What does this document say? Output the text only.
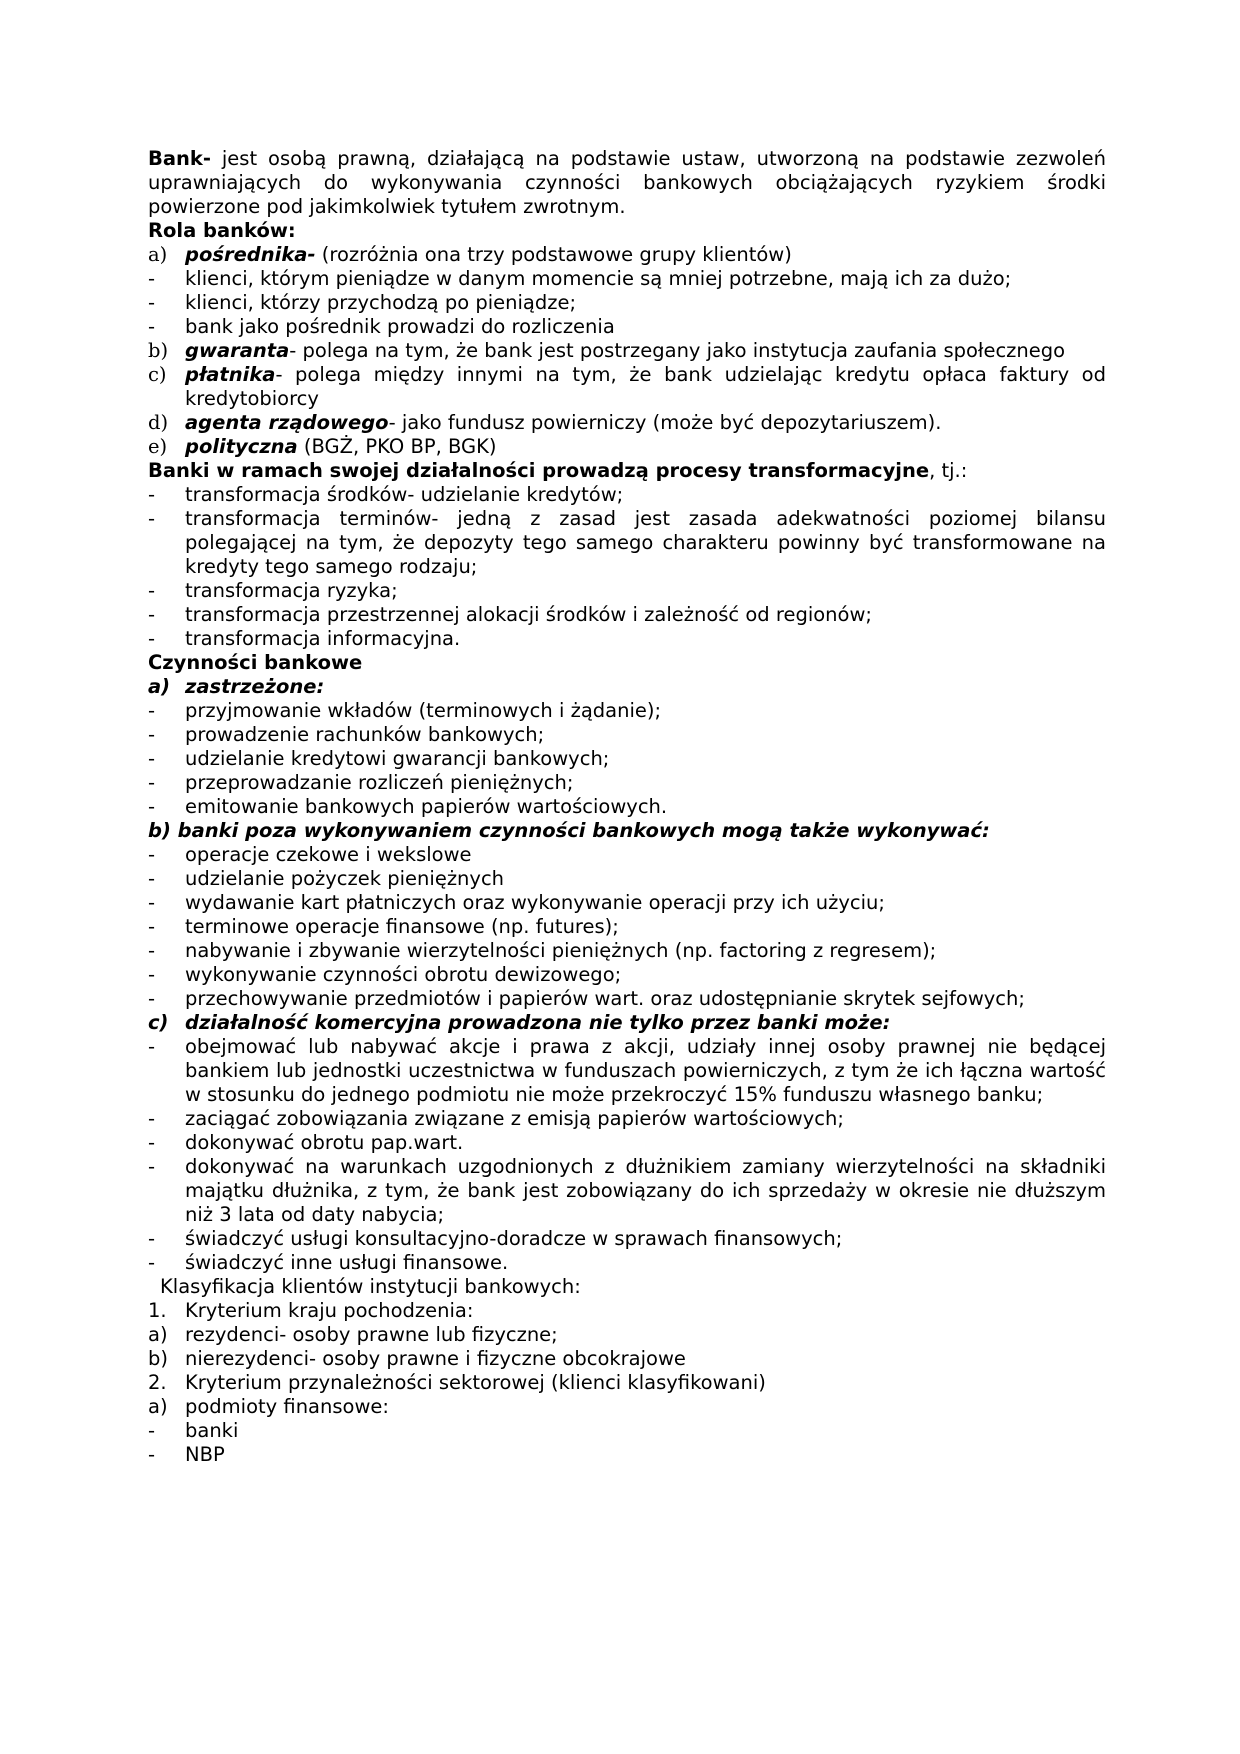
Bank- jest osobą prawną, działającą na podstawie ustaw, utworzoną na podstawie zezwoleń uprawniających do wykonywania czynności bankowych obciążających ryzykiem środki powierzone pod jakimkolwiek tytułem zwrotnym.

Rola banków:

a) pośrednika- (rozróżnia ona trzy podstawowe grupy klientów)
-	klienci, którym pieniądze w danym momencie są mniej potrzebne, mają ich za dużo;
-	klienci, którzy przychodzą po pieniądze;
-	bank jako pośrednik prowadzi do rozliczenia
b) gwaranta- polega na tym, że bank jest postrzegany jako instytucja zaufania społecznego
c) płatnika- polega między innymi na tym, że bank udzielając kredytu opłaca faktury od kredytobiorcy
d) agenta rządowego- jako fundusz powierniczy (może być depozytariuszem).
e) polityczna (BGŻ, PKO BP, BGK)

Banki w ramach swojej działalności prowadzą procesy transformacyjne, tj.:

-	transformacja środków- udzielanie kredytów;
-	transformacja terminów- jedną z zasad jest zasada adekwatności poziomej bilansu polegającej na tym, że depozyty tego samego charakteru powinny być transformowane na kredyty tego samego rodzaju;
-	transformacja ryzyka;
-	transformacja przestrzennej alokacji środków i zależność od regionów;
-	transformacja informacyjna.

Czynności bankowe

a) zastrzeżone:
-	przyjmowanie wkładów (terminowych i żądanie);
-	prowadzenie rachunków bankowych;
-	udzielanie kredytowi gwarancji bankowych;
-	przeprowadzanie rozliczeń pieniężnych;
-	emitowanie bankowych papierów wartościowych.

b) banki poza wykonywaniem czynności bankowych mogą także wykonywać:

-	operacje czekowe i wekslowe
-	udzielanie pożyczek pieniężnych
-	wydawanie kart płatniczych oraz wykonywanie operacji przy ich użyciu;
-	terminowe operacje finansowe (np. futures);
-	nabywanie i zbywanie wierzytelności pieniężnych (np. factoring z regresem);
-	wykonywanie czynności obrotu dewizowego;
-	przechowywanie przedmiotów i papierów wart. oraz udostępnianie skrytek sejfowych;
c) działalność komercyjna prowadzona nie tylko przez banki może:
-	obejmować lub nabywać akcje i prawa z akcji, udziały innej osoby prawnej nie będącej bankiem lub jednostki uczestnictwa w funduszach powierniczych, z tym że ich łączna wartość w stosunku do jednego podmiotu nie może przekroczyć 15% funduszu własnego banku;
-	zaciągać zobowiązania związane z emisją papierów wartościowych;
-	dokonywać obrotu pap.wart.
-	dokonywać na warunkach uzgodnionych z dłużnikiem zamiany wierzytelności na składniki majątku dłużnika, z tym, że bank jest zobowiązany do ich sprzedaży w okresie nie dłuższym niż 3 lata od daty nabycia;
-	świadczyć usługi konsultacyjno-doradcze w sprawach finansowych;
-	świadczyć inne usługi finansowe.

Klasyfikacja klientów instytucji bankowych:

1. Kryterium kraju pochodzenia:
a) rezydenci- osoby prawne lub fizyczne;
b) nierezydenci- osoby prawne i fizyczne obcokrajowe
2. Kryterium przynależności sektorowej (klienci klasyfikowani)
a) podmioty finansowe:
-	banki
-	NBP
